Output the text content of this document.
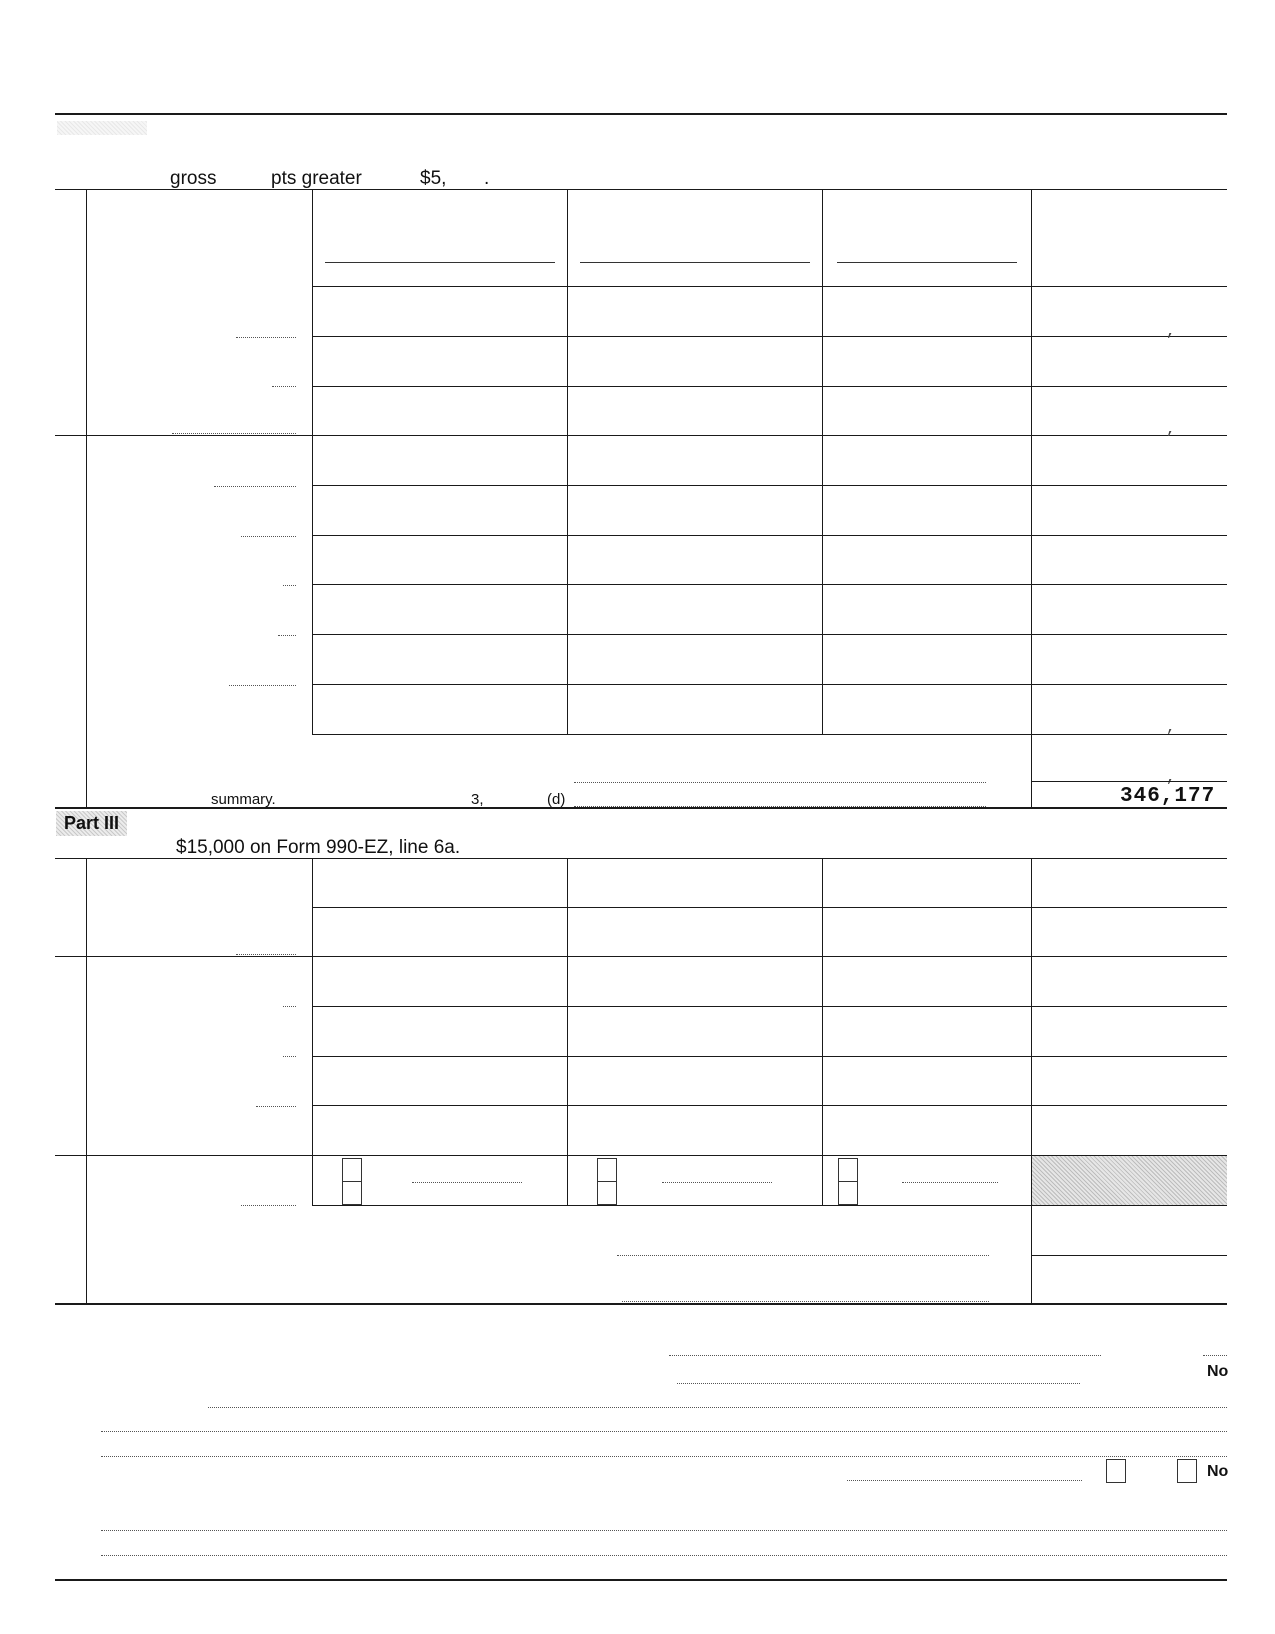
gross	pts greater	$5, .
,
,
,
,
summary.	3,	(d)	346,177
Part III
$15,000 on Form 990-EZ, line 6a.
No
No
